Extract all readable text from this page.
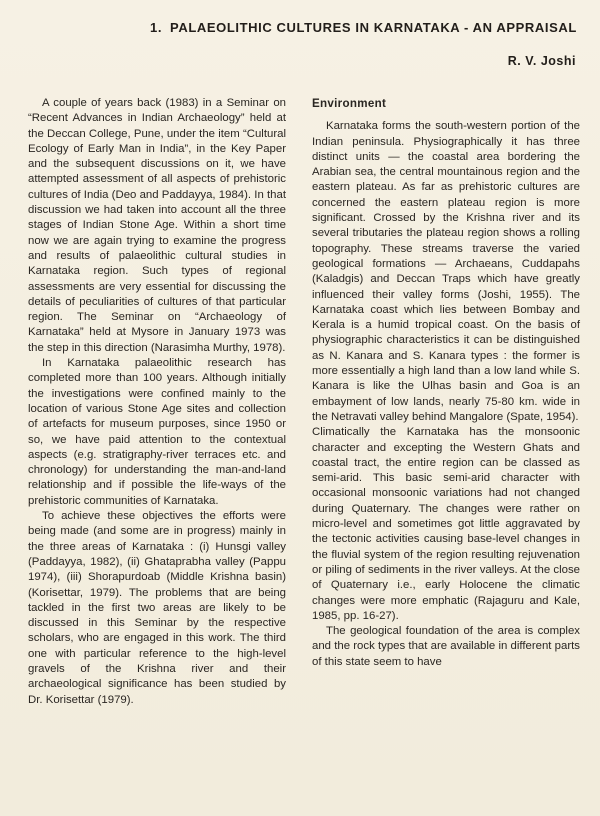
1. PALAEOLITHIC CULTURES IN KARNATAKA - AN APPRAISAL
R. V. Joshi

A couple of years back (1983) in a Seminar on “Recent Advances in Indian Archaeology” held at the Deccan College, Pune, under the item “Cultural Ecology of Early Man in India”, in the Key Paper and the subsequent discussions on it, we have attempted assessment of all aspects of prehistoric cultures of India (Deo and Paddayya, 1984). In that discussion we had taken into account all the three stages of Indian Stone Age. Within a short time now we are again trying to examine the progress and results of palaeolithic cultural studies in Karnataka region. Such types of regional assessments are very essential for discussing the details of peculiarities of cultures of that particular region. The Seminar on “Archaeology of Karnataka” held at Mysore in January 1973 was the step in this direction (Narasimha Murthy, 1978).

In Karnataka palaeolithic research has completed more than 100 years. Although initially the investigations were confined mainly to the location of various Stone Age sites and collection of artefacts for museum purposes, since 1950 or so, we have paid attention to the contextual aspects (e.g. stratigraphy-river terraces etc. and chronology) for understanding the man-and-land relationship and if possible the life-ways of the prehistoric communities of Karnataka.

To achieve these objectives the efforts were being made (and some are in progress) mainly in the three areas of Karnataka : (i) Hunsgi valley (Paddayya, 1982), (ii) Ghataprabha valley (Pappu 1974), (iii) Shorapurdoab (Middle Krishna basin) (Korisettar, 1979). The problems that are being tackled in the first two areas are likely to be discussed in this Seminar by the respective scholars, who are engaged in this work. The third one with particular reference to the high-level gravels of the Krishna river and their archaeological significance has been studied by Dr. Korisettar (1979).

Environment

Karnataka forms the south-western portion of the Indian peninsula. Physiographically it has three distinct units — the coastal area bordering the Arabian sea, the central mountainous region and the eastern plateau. As far as prehistoric cultures are concerned the eastern plateau region is more significant. Crossed by the Krishna river and its several tributaries the plateau region shows a rolling topography. These streams traverse the varied geological formations — Archaeans, Cuddapahs (Kaladgis) and Deccan Traps which have greatly influenced their valley forms (Joshi, 1955). The Karnataka coast which lies between Bombay and Kerala is a humid tropical coast. On the basis of physiographic characteristics it can be distinguished as N. Kanara and S. Kanara types : the former is more essentially a high land than a low land while S. Kanara is like the Ulhas basin and Goa is an embayment of low lands, nearly 75-80 km. wide in the Netravati valley behind Mangalore (Spate, 1954).

Climatically the Karnataka has the monsoonic character and excepting the Western Ghats and coastal tract, the entire region can be classed as semi-arid. This basic semi-arid character with occasional monsoonic variations had not changed during Quaternary. The changes were rather on micro-level and sometimes got little aggravated by the tectonic activities causing base-level changes in the fluvial system of the region resulting rejuvenation or piling of sediments in the river valleys. At the close of Quaternary i.e., early Holocene the climatic changes were more emphatic (Rajaguru and Kale, 1985, pp. 16-27).

The geological foundation of the area is complex and the rock types that are available in different parts of this state seem to have
